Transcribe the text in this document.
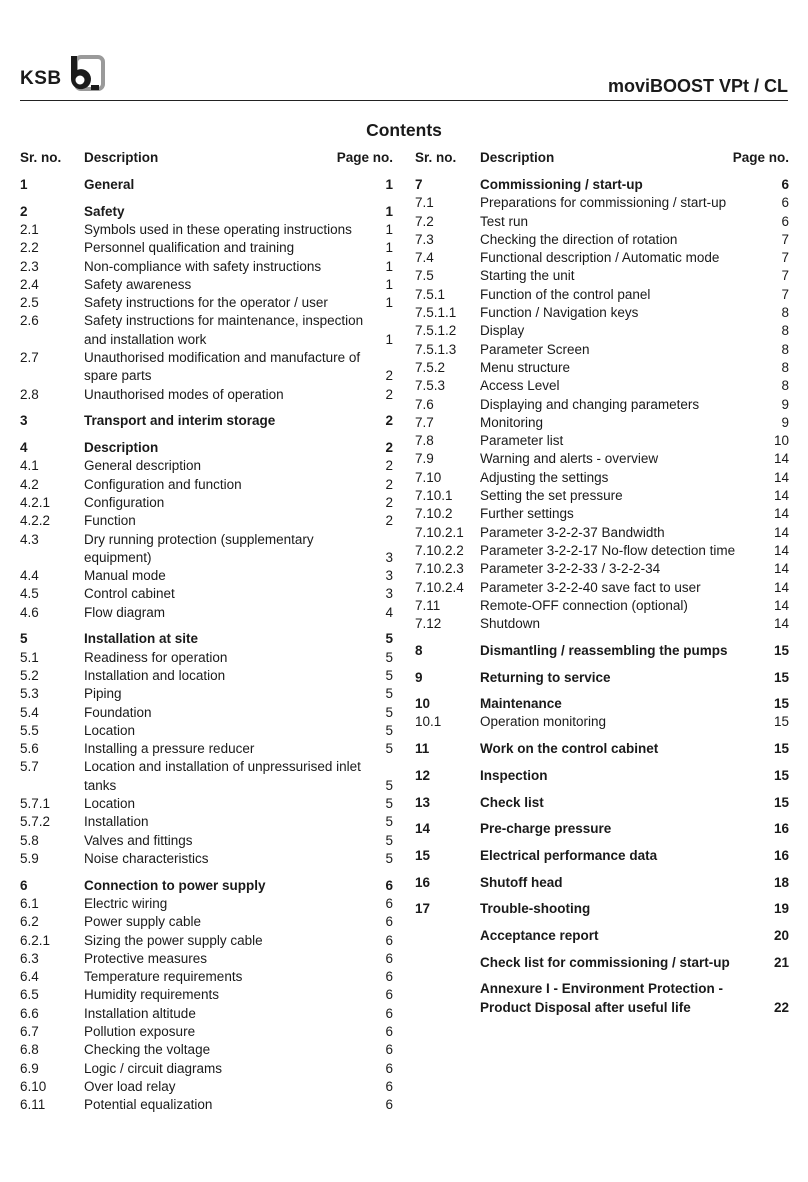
KSB	moviBOOST VPt / CL
Contents
Sr. no. Description	Page no.
1	General	1
2	Safety	1
2.1	Symbols used in these operating instructions	1
2.2	Personnel qualification and training	1
2.3	Non-compliance with safety instructions	1
2.4	Safety awareness	1
2.5	Safety instructions for the operator / user	1
2.6	Safety instructions for maintenance, inspection and installation work	1
2.7	Unauthorised modification and manufacture of spare parts	2
2.8	Unauthorised modes of operation	2
3	Transport and interim storage	2
4	Description	2
4.1	General description	2
4.2	Configuration and function	2
4.2.1	Configuration	2
4.2.2	Function	2
4.3	Dry running protection (supplementary equipment)	3
4.4	Manual mode	3
4.5	Control cabinet	3
4.6	Flow diagram	4
5	Installation at site	5
5.1	Readiness for operation	5
5.2	Installation and location	5
5.3	Piping	5
5.4	Foundation	5
5.5	Location	5
5.6	Installing a pressure reducer	5
5.7	Location and installation of unpressurised inlet tanks	5
5.7.1	Location	5
5.7.2	Installation	5
5.8	Valves and fittings	5
5.9	Noise characteristics	5
6	Connection to power supply	6
6.1	Electric wiring	6
6.2	Power supply cable	6
6.2.1	Sizing the power supply cable	6
6.3	Protective measures	6
6.4	Temperature requirements	6
6.5	Humidity requirements	6
6.6	Installation altitude	6
6.7	Pollution exposure	6
6.8	Checking the voltage	6
6.9	Logic / circuit diagrams	6
6.10	Over load relay	6
6.11	Potential equalization	6
Sr. no. Description	Page no.
7	Commissioning / start-up	6
7.1	Preparations for commissioning / start-up	6
7.2	Test run	6
7.3	Checking the direction of rotation	7
7.4	Functional description / Automatic mode	7
7.5	Starting the unit	7
7.5.1	Function of the control panel	7
7.5.1.1 Function / Navigation keys	8
7.5.1.2 Display	8
7.5.1.3 Parameter Screen	8
7.5.2	Menu structure	8
7.5.3	Access Level	8
7.6	Displaying and changing parameters	9
7.7	Monitoring	9
7.8	Parameter list	10
7.9	Warning and alerts - overview	14
7.10	Adjusting the settings	14
7.10.1 Setting the set pressure	14
7.10.2 Further settings	14
7.10.2.1 Parameter 3-2-2-37 Bandwidth	14
7.10.2.2 Parameter 3-2-2-17 No-flow detection time	14
7.10.2.3 Parameter 3-2-2-33 / 3-2-2-34	14
7.10.2.4 Parameter 3-2-2-40 save fact to user	14
7.11	Remote-OFF connection (optional)	14
7.12	Shutdown	14
8	Dismantling / reassembling the pumps	15
9	Returning to service	15
10	Maintenance	15
10.1	Operation monitoring	15
11	Work on the control cabinet	15
12	Inspection	15
13	Check list	15
14	Pre-charge pressure	16
15	Electrical performance data	16
16	Shutoff head	18
17	Trouble-shooting	19
Acceptance report	20
Check list for commissioning / start-up	21
Annexure I - Environment Protection - Product Disposal after useful life	22
